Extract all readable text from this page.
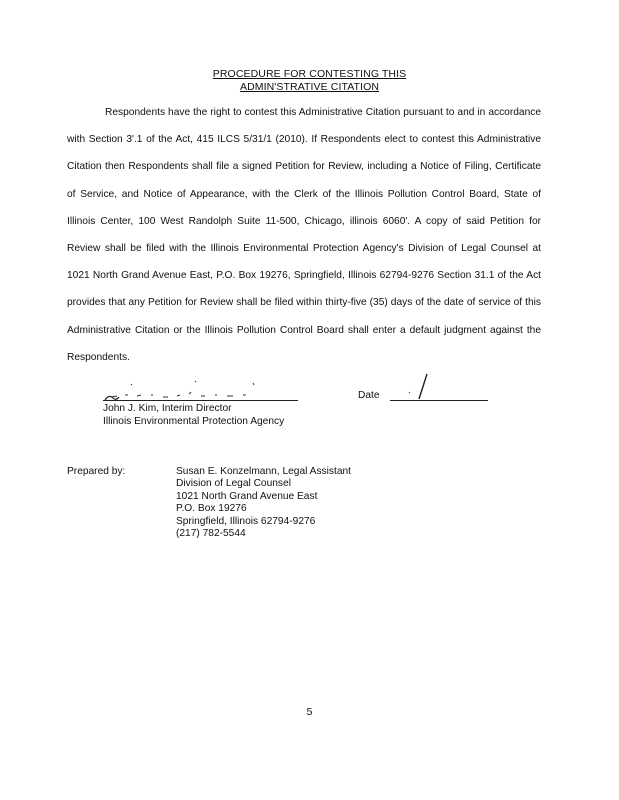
PROCEDURE FOR CONTESTING THIS
ADMIN'STRATIVE CITATION
Respondents have the right to contest this Administrative Citation pursuant to and in accordance with Section 3'.1 of the Act, 415 ILCS 5/31/1 (2010). If Respondents elect to contest this Administrative Citation then Respondents shall file a signed Petition for Review, including a Notice of Filing, Certificate of Service, and Notice of Appearance, with the Clerk of the Illinois Pollution Control Board, State of Illinois Center, 100 West Randolph Suite 11-500, Chicago, illinois 6060'. A copy of said Petition for Review shall be filed with the Illinois Environmental Protection Agency's Division of Legal Counsel at 1021 North Grand Avenue East, P.O. Box 19276, Springfield, Illinois 62794-9276 Section 31.1 of the Act provides that any Petition for Review shall be filed within thirty-five (35) days of the date of service of this Administrative Citation or the Illinois Pollution Control Board shall enter a default judgment against the Respondents.
John J. Kim, Interim Director
Illinois Environmental Protection Agency
Date
Prepared by:	Susan E. Konzelmann, Legal Assistant
Division of Legal Counsel
1021 North Grand Avenue East
P.O. Box 19276
Springfield, Illinois 62794-9276
(217) 782-5544
5
